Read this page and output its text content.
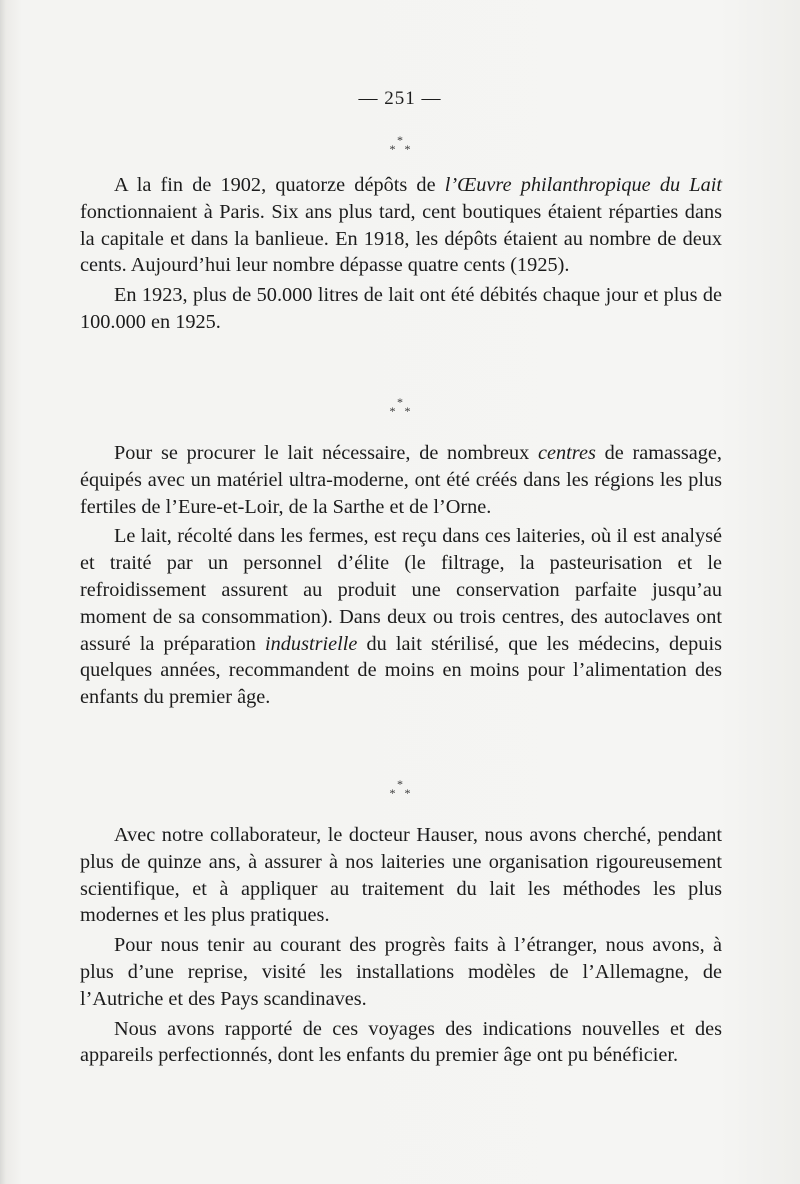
— 251 —
*
* *

A la fin de 1902, quatorze dépôts de l’Œuvre philanthropique du Lait fonctionnaient à Paris. Six ans plus tard, cent boutiques étaient réparties dans la capitale et dans la banlieue. En 1918, les dépôts étaient au nombre de deux cents. Aujourd’hui leur nombre dépasse quatre cents (1925).

En 1923, plus de 50.000 litres de lait ont été débités chaque jour et plus de 100.000 en 1925.

*
* *

Pour se procurer le lait nécessaire, de nombreux centres de ramassage, équipés avec un matériel ultra-moderne, ont été créés dans les régions les plus fertiles de l’Eure-et-Loir, de la Sarthe et de l’Orne.

Le lait, récolté dans les fermes, est reçu dans ces laiteries, où il est analysé et traité par un personnel d’élite (le filtrage, la pasteurisation et le refroidissement assurent au produit une conservation parfaite jusqu’au moment de sa consommation). Dans deux ou trois centres, des autoclaves ont assuré la préparation industrielle du lait stérilisé, que les médecins, depuis quelques années, recommandent de moins en moins pour l’alimentation des enfants du premier âge.

*
* *

Avec notre collaborateur, le docteur Hauser, nous avons cherché, pendant plus de quinze ans, à assurer à nos laiteries une organisation rigoureusement scientifique, et à appliquer au traitement du lait les méthodes les plus modernes et les plus pratiques.

Pour nous tenir au courant des progrès faits à l’étranger, nous avons, à plus d’une reprise, visité les installations modèles de l’Allemagne, de l’Autriche et des Pays scandinaves.

Nous avons rapporté de ces voyages des indications nouvelles et des appareils perfectionnés, dont les enfants du premier âge ont pu bénéficier.
